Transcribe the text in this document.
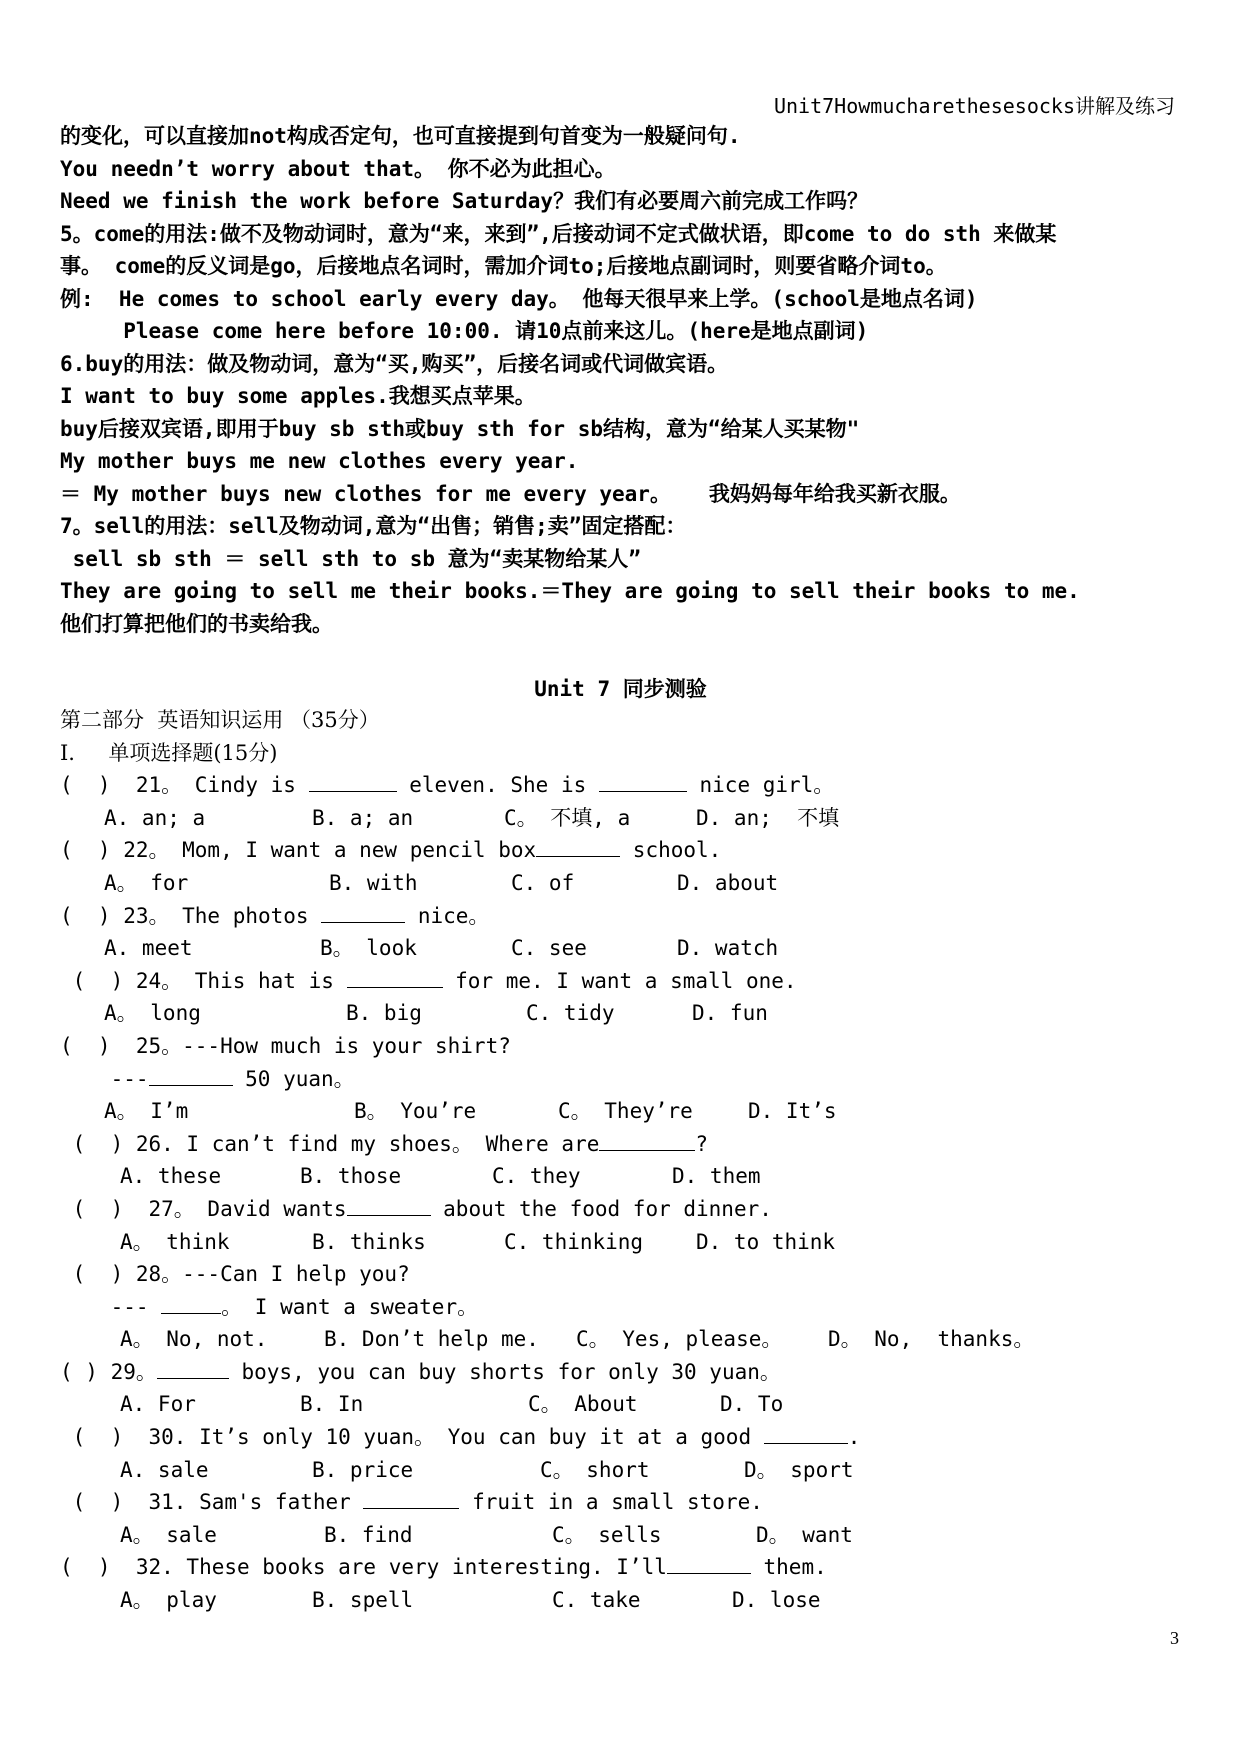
Unit7Howmucharethesesocks讲解及练习
的变化，可以直接加not构成否定句，也可直接提到句首变为一般疑问句.
You needn’t worry about that。 你不必为此担心。
Need we finish the work before Saturday？我们有必要周六前完成工作吗？
5。come的用法:做不及物动词时，意为“来，来到”,后接动词不定式做状语，即come to do sth 来做某
事。 come的反义词是go，后接地点名词时，需加介词to;后接地点副词时，则要省略介词to。
例:  He comes to school early every day。 他每天很早来上学。(school是地点名词)
Please come here before 10:00. 请10点前来这儿。(here是地点副词)
6.buy的用法：做及物动词，意为“买,购买”，后接名词或代词做宾语。
I want to buy some apples.我想买点苹果。
buy后接双宾语,即用于buy sb sth或buy sth for sb结构，意为“给某人买某物"
My mother buys me new clothes every year.
＝ My mother buys new clothes for me every year。   我妈妈每年给我买新衣服。
7。sell的用法：sell及物动词,意为“出售；销售;卖”固定搭配：
sell sb sth ＝ sell sth to sb 意为“卖某物给某人”
They are going to sell me their books.＝They are going to sell their books to me.
他们打算把他们的书卖给我。
Unit 7 同步测验
第二部分  英语知识运用 （35分）
I.     单项选择题(15分)
(  )  21。 Cindy is	eleven. She is	nice girl。
A. an; a	B. a; an	C。 不填, a	D. an;  不填
(  ) 22。 Mom, I want a new pencil box	school.
A。 for	B. with	C. of	D. about
(  ) 23。 The photos	nice。
A. meet	B。 look	C. see	D. watch
(  ) 24。 This hat is	for me. I want a small one.
A。 long	B. big	C. tidy	D. fun
(  )  25。---How much is your shirt?
---	50 yuan。
A。 I’m	B。 You’re	C。 They’re	D. It’s
(  ) 26. I can’t find my shoes。 Where are	?
A. these	B. those	C. they	D. them
(  )  27。 David wants	about the food for dinner.
A。 think	B. thinks	C. thinking	D. to think
(  ) 28。---Can I help you?
---	。 I want a sweater。
A。 No, not.	B. Don’t help me. C。 Yes, please。 D。 No,  thanks。
( ) 29。	boys, you can buy shorts for only 30 yuan。
A. For	B. In	C。 About	D. To
(  )  30. It’s only 10 yuan。 You can buy it at a good	.
A. sale	B. price	C。 short	D。 sport
(  )  31. Sam's father	fruit in a small store.
A。 sale	B. find	C。 sells	D。 want
(  )  32. These books are very interesting. I’ll	them.
A。 play	B. spell	C. take	D. lose
3
